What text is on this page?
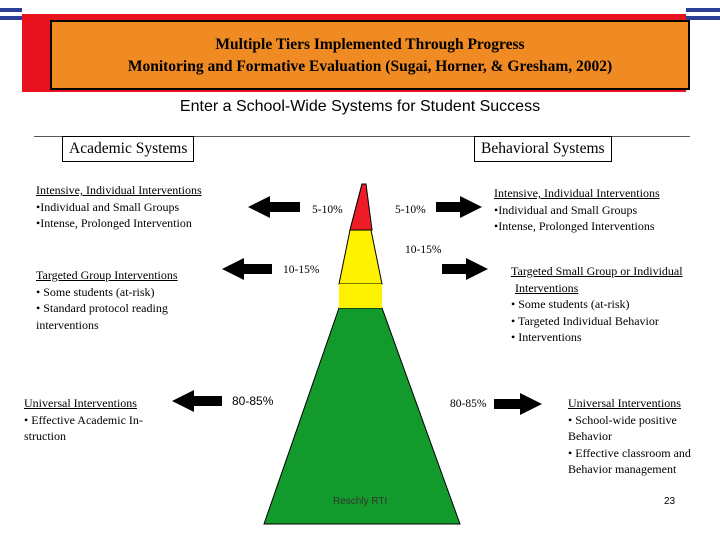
Multiple Tiers Implemented Through Progress
Monitoring and Formative Evaluation (Sugai, Horner, & Gresham, 2002)
Enter a School-Wide Systems for Student Success
Academic Systems	Behavioral Systems
5-10%	5-10%
10-15%
10-15%
80-85%	80-85%
Intensive, Individual Interventions
•Individual and Small Groups
•Intense, Prolonged Intervention
Targeted Group Interventions
• Some students (at-risk)
• Standard protocol reading
interventions
Universal Interventions
• Effective Academic In-
struction
Intensive, Individual Interventions
•Individual and Small Groups
•Intense, Prolonged Interventions
Targeted Small Group or Individual
Interventions
• Some students (at-risk)
• Targeted Individual Behavior
• Interventions
Universal Interventions
• School-wide positive
Behavior
• Effective classroom and
Behavior management
Reschly RTI	23
